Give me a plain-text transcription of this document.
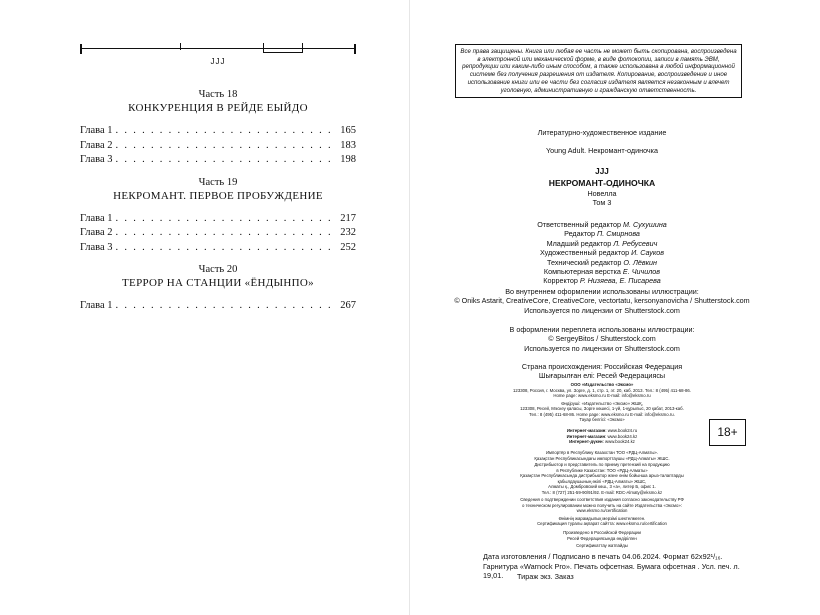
JJJ
Часть 18
КОНКУРЕНЦИЯ В РЕЙДЕ ЕЫЙДО
Глава 1 . . .	165
Глава 2 . . .	183
Глава 3 . . .	198
Часть 19
НЕКРОМАНТ. ПЕРВОЕ ПРОБУЖДЕНИЕ
Глава 1 . . .	217
Глава 2 . . .	232
Глава 3 . . .	252
Часть 20
ТЕРРОР НА СТАНЦИИ «ЁНДЫНПО»
Глава 1 . . .	267
Все права защищены. Книга или любая ее часть не может быть скопирована, воспроизведена в электронной или механической форме, в виде фотокопии, записи в память ЭВМ, репродукции или каким-либо иным способом, а также использована в любой информационной системе без получения разрешения от издателя. Копирование, воспроизведение и иное использование книги или ее части без согласия издателя является незаконным и влечет уголовную, административную и гражданскую ответственность.
Литературно-художественное издание
Young Adult. Некромант-одиночка
JJJ
НЕКРОМАНТ-ОДИНОЧКА
Новелла
Том 3
Ответственный редактор М. Сухушина
Редактор П. Смирнова
Младший редактор Л. Ребусевич
Художественный редактор И. Сауков
Технический редактор О. Лёвкин
Компьютерная верстка Е. Чичилов
Корректор Р. Низяева, Е. Писарева
Во внутреннем оформлении использованы иллюстрации:
© Oniks Astarit, CreativeCore, CreativeCore, vectortatu, kersonyanovicha / Shutterstock.com
Используется по лицензии от Shutterstock.com
В оформлении переплета использованы иллюстрации:
© SergeyBitos / Shutterstock.com
Используется по лицензии от Shutterstock.com
Страна происхождения: Российская Федерация
Шығарылған елі: Ресей Федерациясы
ООО «Издательство «Эксмо»
123308, Россия, г. Москва, ул. Зорге, д. 1, стр. 1, эт. 20, каб. 2013. Тел.: 8 (495) 411-68-86.
Home page: www.eksmo.ru E-mail: info@eksmo.ru
Өндіруші: «Издательство «Эксмо» ЖШҚ,
123308, Ресей, Мәскеу қаласы, Зорге көшесі, 1-үй, 1-құрылыс, 20 қабат, 2013-каб.
Тел.: 8 (495) 411-68-86. Home page: www.eksmo.ru E-mail: info@eksmo.ru.
Тауар белгісі: «Эксмо»
Интернет-магазин: www.book24.ru
Интернет-магазин: www.book24.kz
Интернет-дүкен: www.book24.kz
18+
Импортёр в Республику Казахстан ТОО «РДЦ-Алматы».
Қазақстан Республикасындағы импорттаушы «РДЦ-Алматы» ЖШС.
Дистрибьютор и представитель по приему претензий на продукцию
в Республике Казахстан: ТОО «РДЦ-Алматы»
Қазақстан Республикасында дистрибьютор және өнім бойынша арыз-талаптарды
қабылдаушының өкілі «РДЦ-Алматы» ЖШС,
Алматы қ., Домбровский көш., 3 «а», литер Б, офис 1.
Тел.: 8 (727) 251-59-90/91/92. E-mail: RDC-Almaty@eksmo.kz
Сведения о подтверждении соответствия издания согласно законодательству РФ
о техническом регулировании можно получить на сайте Издательства «Эксмо»:
www.eksmo.ru/certification
Өнімнің жарамдылық мерзімі шектелмеген.
Сертификация туралы ақпарат сайтта: www.eksmo.ru/certification
Произведено в Российской Федерации
Ресей Федерациясында өндірілген
Сертификаттау жатпайды
Дата изготовления / Подписано в печать 04.06.2024. Формат 62x92¹/₁₆.
Гарнитура «Warnock Pro». Печать офсетная. Бумага офсетная . Усл. печ. л. 19,01.	Тираж экз. Заказ
